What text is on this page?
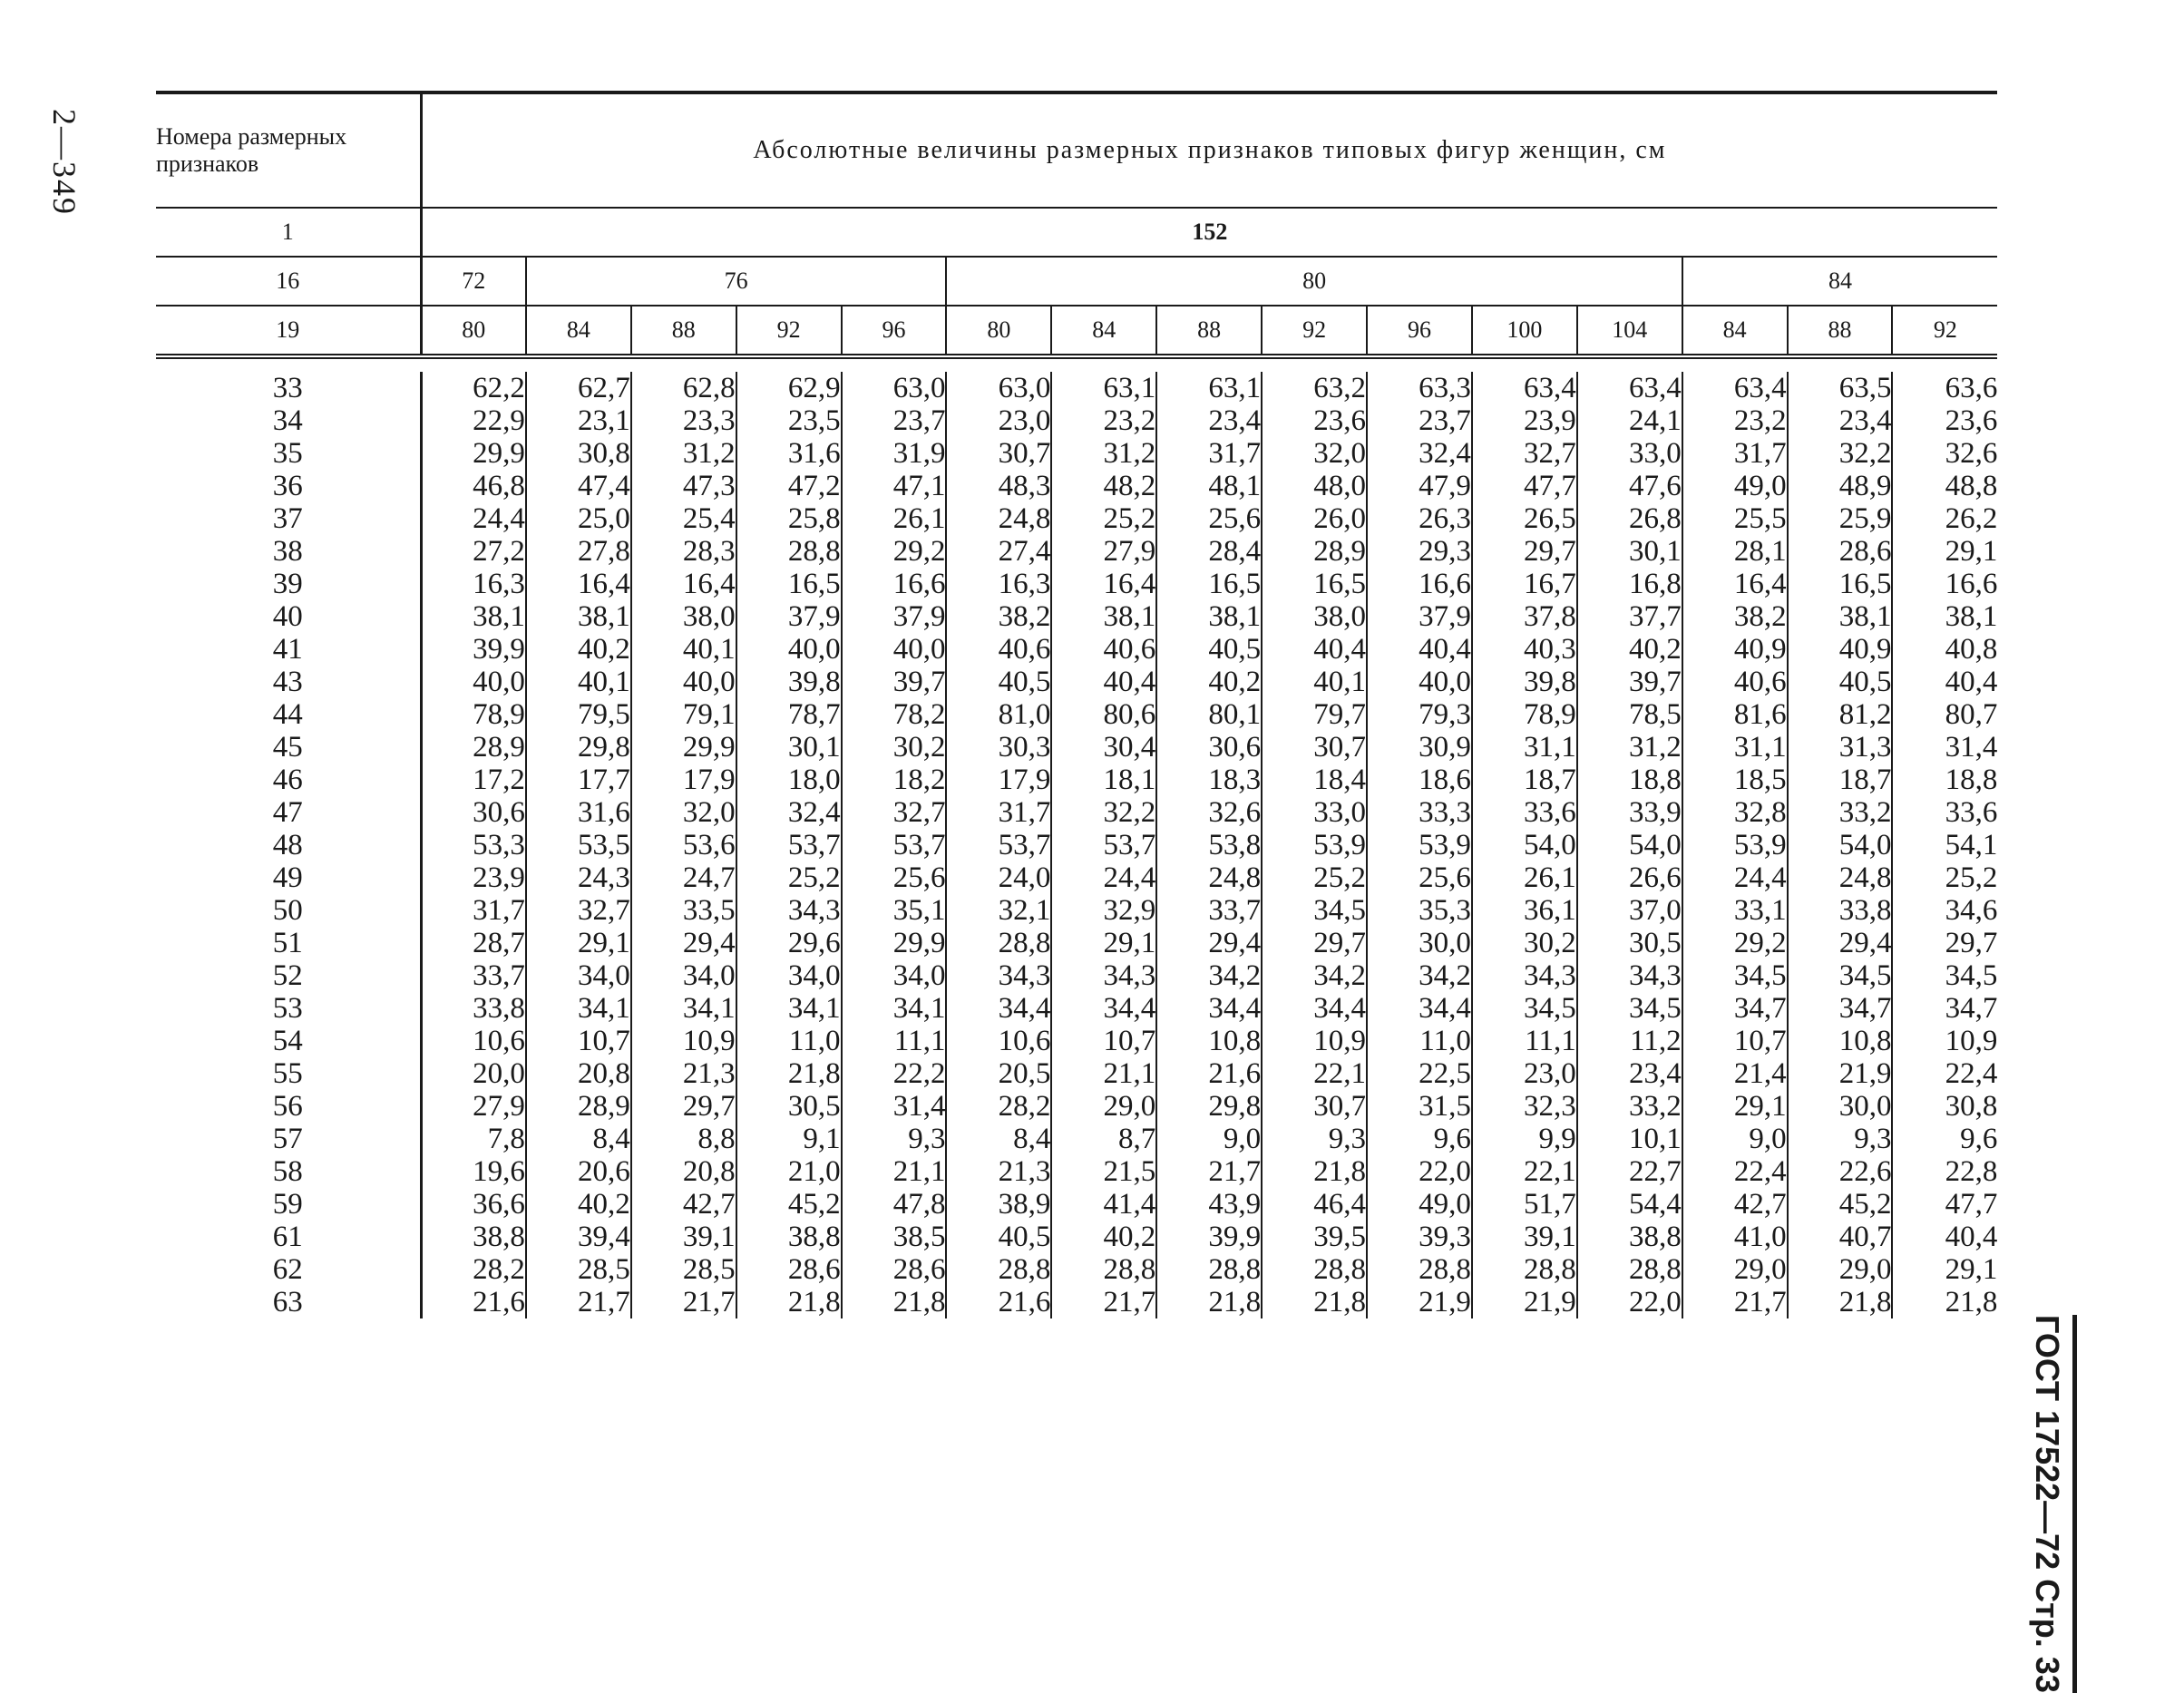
2—349
ГОСТ 17522—72 Стр. 33

Номера размерных признаков	Абсолютные величины размерных признаков типовых фигур женщин, см														
1	152														
16	72	76				80							84		
19	80	84	88	92	96	80	84	88	92	96	100	104	84	88	92

33	62,2	62,7	62,8	62,9	63,0	63,0	63,1	63,1	63,2	63,3	63,4	63,4	63,4	63,5	63,6
34	22,9	23,1	23,3	23,5	23,7	23,0	23,2	23,4	23,6	23,7	23,9	24,1	23,2	23,4	23,6
35	29,9	30,8	31,2	31,6	31,9	30,7	31,2	31,7	32,0	32,4	32,7	33,0	31,7	32,2	32,6
36	46,8	47,4	47,3	47,2	47,1	48,3	48,2	48,1	48,0	47,9	47,7	47,6	49,0	48,9	48,8
37	24,4	25,0	25,4	25,8	26,1	24,8	25,2	25,6	26,0	26,3	26,5	26,8	25,5	25,9	26,2
38	27,2	27,8	28,3	28,8	29,2	27,4	27,9	28,4	28,9	29,3	29,7	30,1	28,1	28,6	29,1
39	16,3	16,4	16,4	16,5	16,6	16,3	16,4	16,5	16,5	16,6	16,7	16,8	16,4	16,5	16,6
40	38,1	38,1	38,0	37,9	37,9	38,2	38,1	38,1	38,0	37,9	37,8	37,7	38,2	38,1	38,1
41	39,9	40,2	40,1	40,0	40,0	40,6	40,6	40,5	40,4	40,4	40,3	40,2	40,9	40,9	40,8
43	40,0	40,1	40,0	39,8	39,7	40,5	40,4	40,2	40,1	40,0	39,8	39,7	40,6	40,5	40,4
44	78,9	79,5	79,1	78,7	78,2	81,0	80,6	80,1	79,7	79,3	78,9	78,5	81,6	81,2	80,7
45	28,9	29,8	29,9	30,1	30,2	30,3	30,4	30,6	30,7	30,9	31,1	31,2	31,1	31,3	31,4
46	17,2	17,7	17,9	18,0	18,2	17,9	18,1	18,3	18,4	18,6	18,7	18,8	18,5	18,7	18,8
47	30,6	31,6	32,0	32,4	32,7	31,7	32,2	32,6	33,0	33,3	33,6	33,9	32,8	33,2	33,6
48	53,3	53,5	53,6	53,7	53,7	53,7	53,7	53,8	53,9	53,9	54,0	54,0	53,9	54,0	54,1
49	23,9	24,3	24,7	25,2	25,6	24,0	24,4	24,8	25,2	25,6	26,1	26,6	24,4	24,8	25,2
50	31,7	32,7	33,5	34,3	35,1	32,1	32,9	33,7	34,5	35,3	36,1	37,0	33,1	33,8	34,6
51	28,7	29,1	29,4	29,6	29,9	28,8	29,1	29,4	29,7	30,0	30,2	30,5	29,2	29,4	29,7
52	33,7	34,0	34,0	34,0	34,0	34,3	34,3	34,2	34,2	34,2	34,3	34,3	34,5	34,5	34,5
53	33,8	34,1	34,1	34,1	34,1	34,4	34,4	34,4	34,4	34,4	34,5	34,5	34,7	34,7	34,7
54	10,6	10,7	10,9	11,0	11,1	10,6	10,7	10,8	10,9	11,0	11,1	11,2	10,7	10,8	10,9
55	20,0	20,8	21,3	21,8	22,2	20,5	21,1	21,6	22,1	22,5	23,0	23,4	21,4	21,9	22,4
56	27,9	28,9	29,7	30,5	31,4	28,2	29,0	29,8	30,7	31,5	32,3	33,2	29,1	30,0	30,8
57	7,8	8,4	8,8	9,1	9,3	8,4	8,7	9,0	9,3	9,6	9,9	10,1	9,0	9,3	9,6
58	19,6	20,6	20,8	21,0	21,1	21,3	21,5	21,7	21,8	22,0	22,1	22,7	22,4	22,6	22,8
59	36,6	40,2	42,7	45,2	47,8	38,9	41,4	43,9	46,4	49,0	51,7	54,4	42,7	45,2	47,7
61	38,8	39,4	39,1	38,8	38,5	40,5	40,2	39,9	39,5	39,3	39,1	38,8	41,0	40,7	40,4
62	28,2	28,5	28,5	28,6	28,6	28,8	28,8	28,8	28,8	28,8	28,8	28,8	29,0	29,0	29,1
63	21,6	21,7	21,7	21,8	21,8	21,6	21,7	21,8	21,8	21,9	21,9	22,0	21,7	21,8	21,8
